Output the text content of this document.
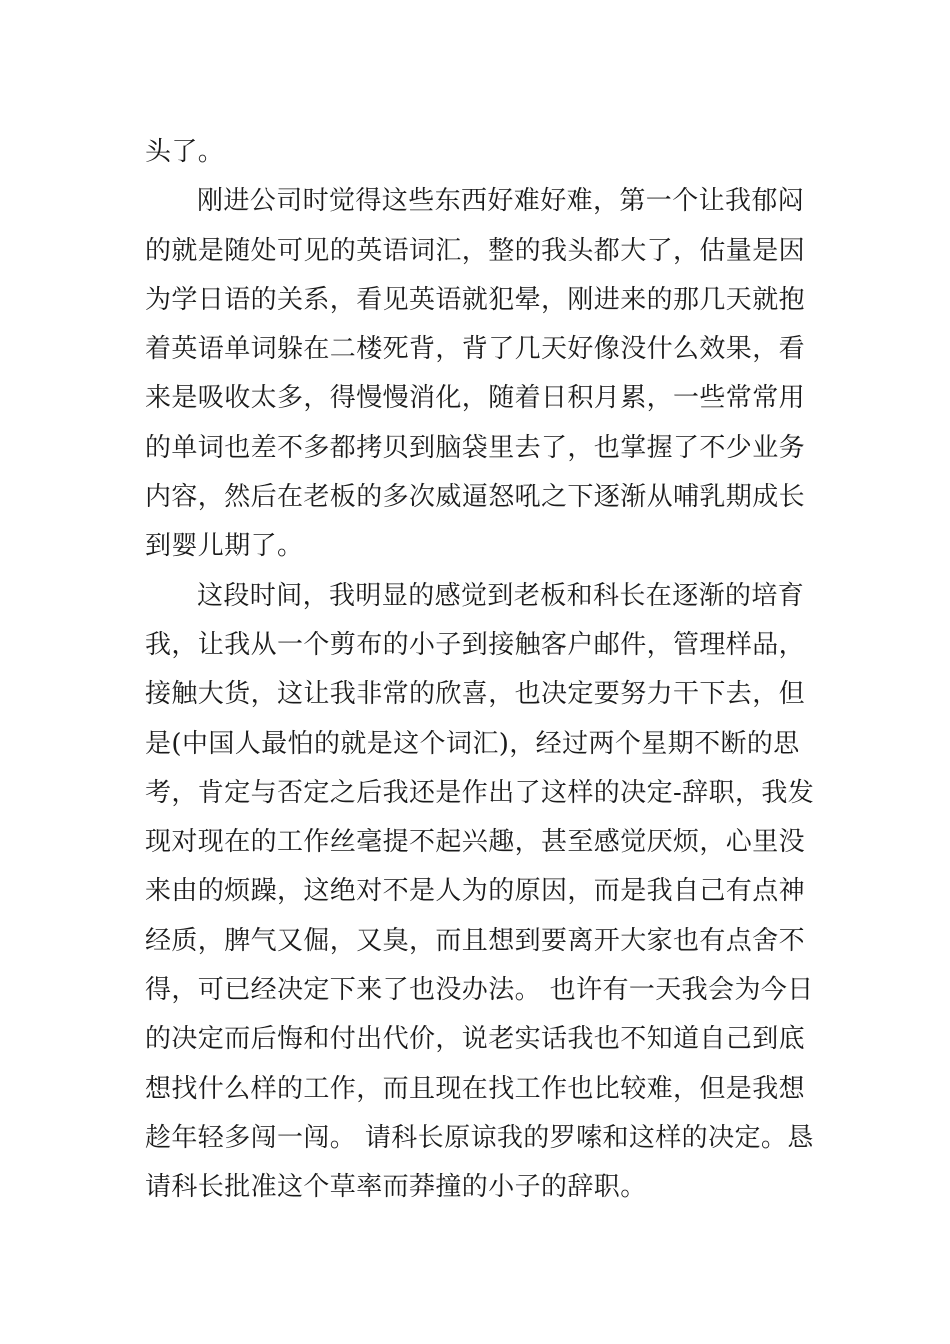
头了。
刚进公司时觉得这些东西好难好难，第一个让我郁闷
的就是随处可见的英语词汇，整的我头都大了，估量是因
为学日语的关系，看见英语就犯晕，刚进来的那几天就抱
着英语单词躲在二楼死背，背了几天好像没什么效果，看
来是吸收太多，得慢慢消化，随着日积月累，一些常常用
的单词也差不多都拷贝到脑袋里去了，也掌握了不少业务
内容，然后在老板的多次威逼怒吼之下逐渐从哺乳期成长
到婴儿期了。
这段时间，我明显的感觉到老板和科长在逐渐的培育
我，让我从一个剪布的小子到接触客户邮件，管理样品，
接触大货，这让我非常的欣喜，也决定要努力干下去，但
是(中国人最怕的就是这个词汇)，经过两个星期不断的思
考，肯定与否定之后我还是作出了这样的决定-辞职，我发
现对现在的工作丝毫提不起兴趣，甚至感觉厌烦，心里没
来由的烦躁，这绝对不是人为的原因，而是我自己有点神
经质，脾气又倔，又臭，而且想到要离开大家也有点舍不
得，可已经决定下来了也没办法。 也许有一天我会为今日
的决定而后悔和付出代价，说老实话我也不知道自己到底
想找什么样的工作，而且现在找工作也比较难，但是我想
趁年轻多闯一闯。 请科长原谅我的罗嗦和这样的决定。恳
请科长批准这个草率而莽撞的小子的辞职。
